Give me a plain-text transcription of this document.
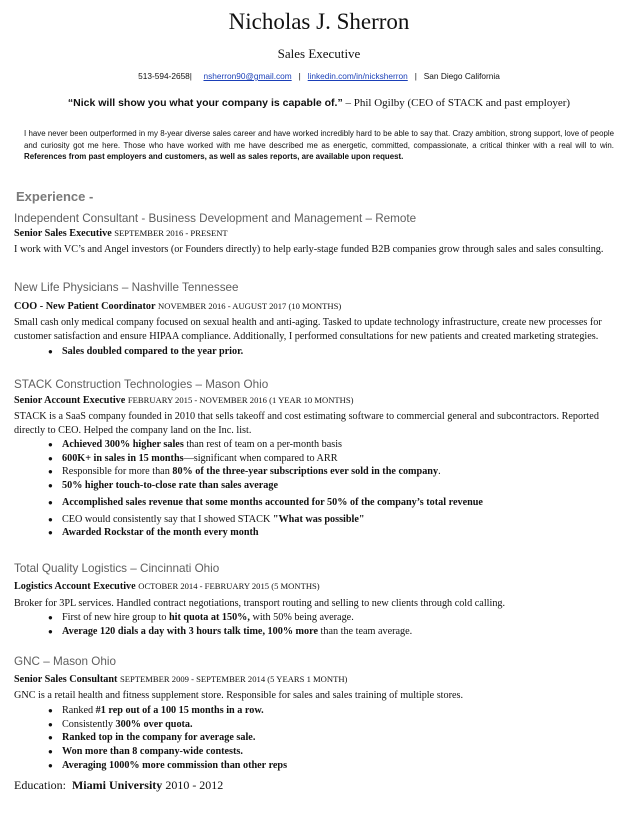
Nicholas J. Sherron
Sales Executive
513-594-2658| nsherron90@gmail.com | linkedin.com/in/nicksherron | San Diego California
“Nick will show you what your company is capable of.” – Phil Ogilby (CEO of STACK and past employer)
I have never been outperformed in my 8-year diverse sales career and have worked incredibly hard to be able to say that. Crazy ambition, strong support, love of people and curiosity got me here. Those who have worked with me have described me as energetic, committed, compassionate, a critical thinker with a real will to win. References from past employers and customers, as well as sales reports, are available upon request.
Experience -
Independent Consultant - Business Development and Management – Remote
Senior Sales Executive SEPTEMBER 2016 - PRESENT
I work with VC’s and Angel investors (or Founders directly) to help early-stage funded B2B companies grow through sales and sales consulting.
New Life Physicians – Nashville Tennessee
COO - New Patient Coordinator NOVEMBER 2016 - AUGUST 2017 (10 MONTHS)
Small cash only medical company focused on sexual health and anti-aging. Tasked to update technology infrastructure, create new processes for customer satisfaction and ensure HIPAA compliance. Additionally, I performed consultations for new patients and created marketing strategies.
● Sales doubled compared to the year prior.
STACK Construction Technologies – Mason Ohio
Senior Account Executive FEBRUARY 2015 - NOVEMBER 2016 (1 YEAR 10 MONTHS)
STACK is a SaaS company founded in 2010 that sells takeoff and cost estimating software to commercial general and subcontractors. Reported directly to CEO. Helped the company land on the Inc. list.
● Achieved 300% higher sales than rest of team on a per-month basis
● 600K+ in sales in 15 months—significant when compared to ARR
● Responsible for more than 80% of the three-year subscriptions ever sold in the company.
● 50% higher touch-to-close rate than sales average
● Accomplished sales revenue that some months accounted for 50% of the company’s total revenue
● CEO would consistently say that I showed STACK "What was possible"
● Awarded Rockstar of the month every month
Total Quality Logistics – Cincinnati Ohio
Logistics Account Executive OCTOBER 2014 - FEBRUARY 2015 (5 MONTHS)
Broker for 3PL services. Handled contract negotiations, transport routing and selling to new clients through cold calling.
● First of new hire group to hit quota at 150%, with 50% being average.
● Average 120 dials a day with 3 hours talk time, 100% more than the team average.
GNC – Mason Ohio
Senior Sales Consultant SEPTEMBER 2009 - SEPTEMBER 2014 (5 YEARS 1 MONTH)
GNC is a retail health and fitness supplement store. Responsible for sales and sales training of multiple stores.
● Ranked #1 rep out of a 100 15 months in a row.
● Consistently 300% over quota.
● Ranked top in the company for average sale.
● Won more than 8 company-wide contests.
● Averaging 1000% more commission than other reps
Education: Miami University 2010 - 2012
